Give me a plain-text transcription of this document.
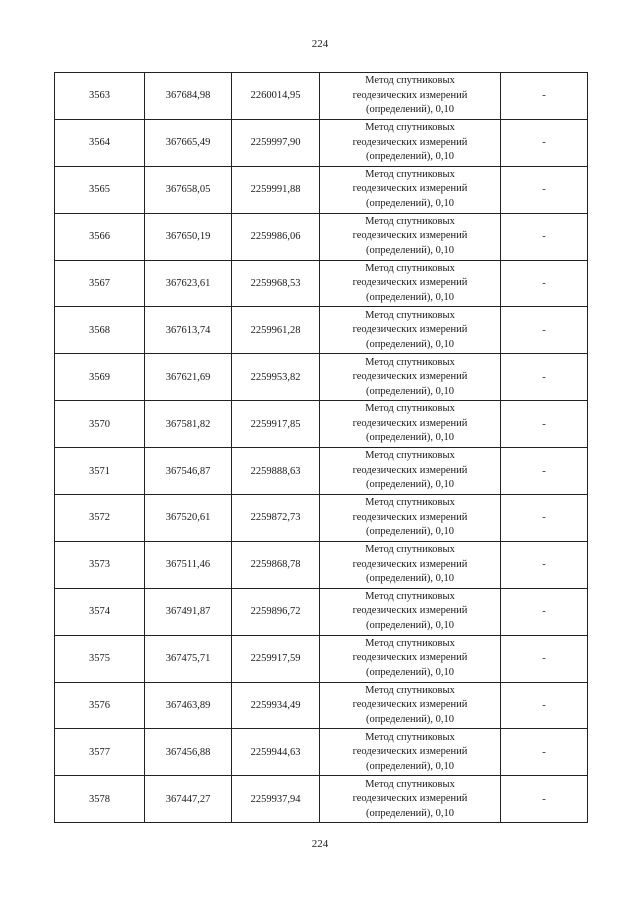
224
3563	367684,98	2260014,95	Метод спутниковых
геодезических измерений
(определений), 0,10	-
3564	367665,49	2259997,90	Метод спутниковых
геодезических измерений
(определений), 0,10	-
3565	367658,05	2259991,88	Метод спутниковых
геодезических измерений
(определений), 0,10	-
3566	367650,19	2259986,06	Метод спутниковых
геодезических измерений
(определений), 0,10	-
3567	367623,61	2259968,53	Метод спутниковых
геодезических измерений
(определений), 0,10	-
3568	367613,74	2259961,28	Метод спутниковых
геодезических измерений
(определений), 0,10	-
3569	367621,69	2259953,82	Метод спутниковых
геодезических измерений
(определений), 0,10	-
3570	367581,82	2259917,85	Метод спутниковых
геодезических измерений
(определений), 0,10	-
3571	367546,87	2259888,63	Метод спутниковых
геодезических измерений
(определений), 0,10	-
3572	367520,61	2259872,73	Метод спутниковых
геодезических измерений
(определений), 0,10	-
3573	367511,46	2259868,78	Метод спутниковых
геодезических измерений
(определений), 0,10	-
3574	367491,87	2259896,72	Метод спутниковых
геодезических измерений
(определений), 0,10	-
3575	367475,71	2259917,59	Метод спутниковых
геодезических измерений
(определений), 0,10	-
3576	367463,89	2259934,49	Метод спутниковых
геодезических измерений
(определений), 0,10	-
3577	367456,88	2259944,63	Метод спутниковых
геодезических измерений
(определений), 0,10	-
3578	367447,27	2259937,94	Метод спутниковых
геодезических измерений
(определений), 0,10	-
224
